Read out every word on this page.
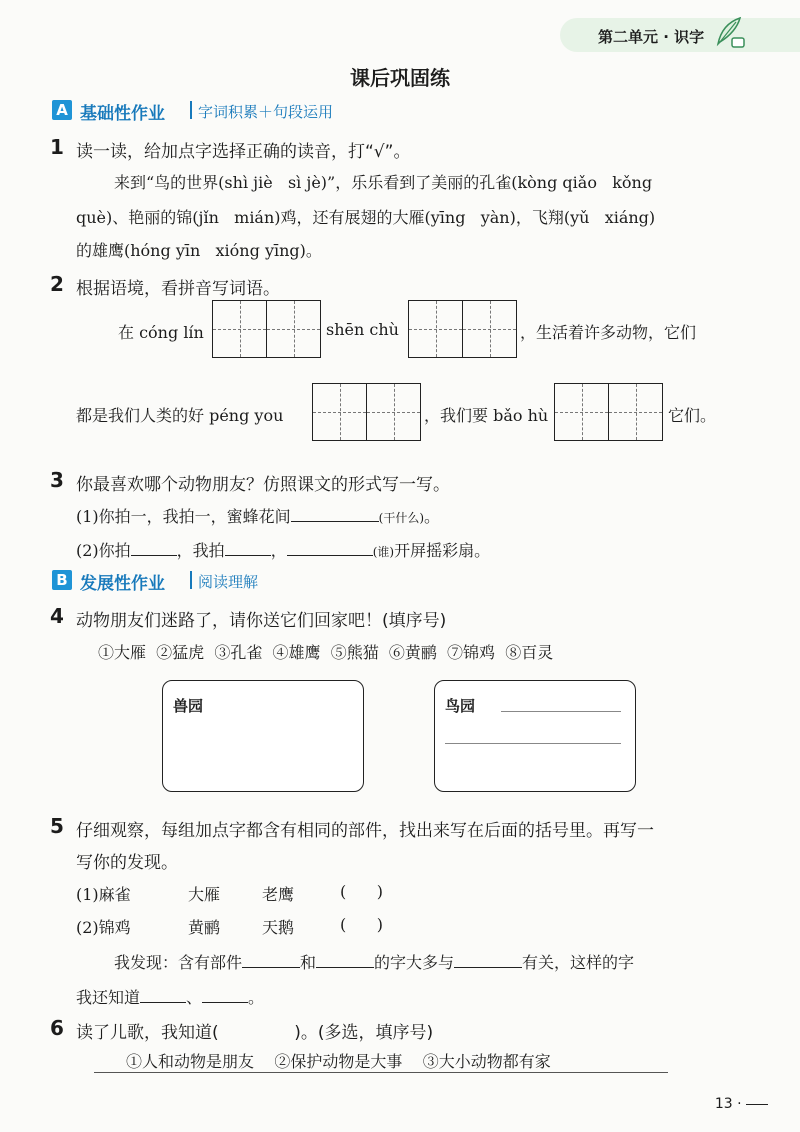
第二单元 · 识字
课后巩固练
A 基础性作业 字词积累＋句段运用
1 读一读，给加点字选择正确的读音，打“√”。
来到“鸟的世界(shì jiè   sì jè)”，乐乐看到了美丽的孔雀(kòng qiǎo   kǒng
què)、艳丽的锦(jǐn   mián)鸡，还有展翅的大雁(yīng   yàn)，飞翔(yǔ   xiáng)
的雄鹰(hóng yīn   xióng yīng)。
2 根据语境，看拼音写词语。
在 cóng lín	shēn chù	，生活着许多动物，它们
都是我们人类的好 péng you	，我们要 bǎo hù	它们。
3 你最喜欢哪个动物朋友？仿照课文的形式写一写。
(1)你拍一，我拍一，蜜蜂花间	(干什么)。
(2)你拍	，我拍	，	(谁)开屏摇彩扇。
B 发展性作业 阅读理解
4 动物朋友们迷路了，请你送它们回家吧！(填序号)
①大雁  ②猛虎  ③孔雀  ④雄鹰  ⑤熊猫  ⑥黄鹂  ⑦锦鸡  ⑧百灵
兽园	鸟园
5 仔细观察，每组加点字都含有相同的部件，找出来写在后面的括号里。再写一
写你的发现。
(1)麻雀	大雁	老鹰	(      )
(2)锦鸡	黄鹂	天鹅	(      )
我发现：含有部件	和	的字大多与	有关，这样的字
我还知道	、	。
6 读了儿歌，我知道(              )。(多选，填序号)
①人和动物是朋友    ②保护动物是大事    ③大小动物都有家
13 ·
